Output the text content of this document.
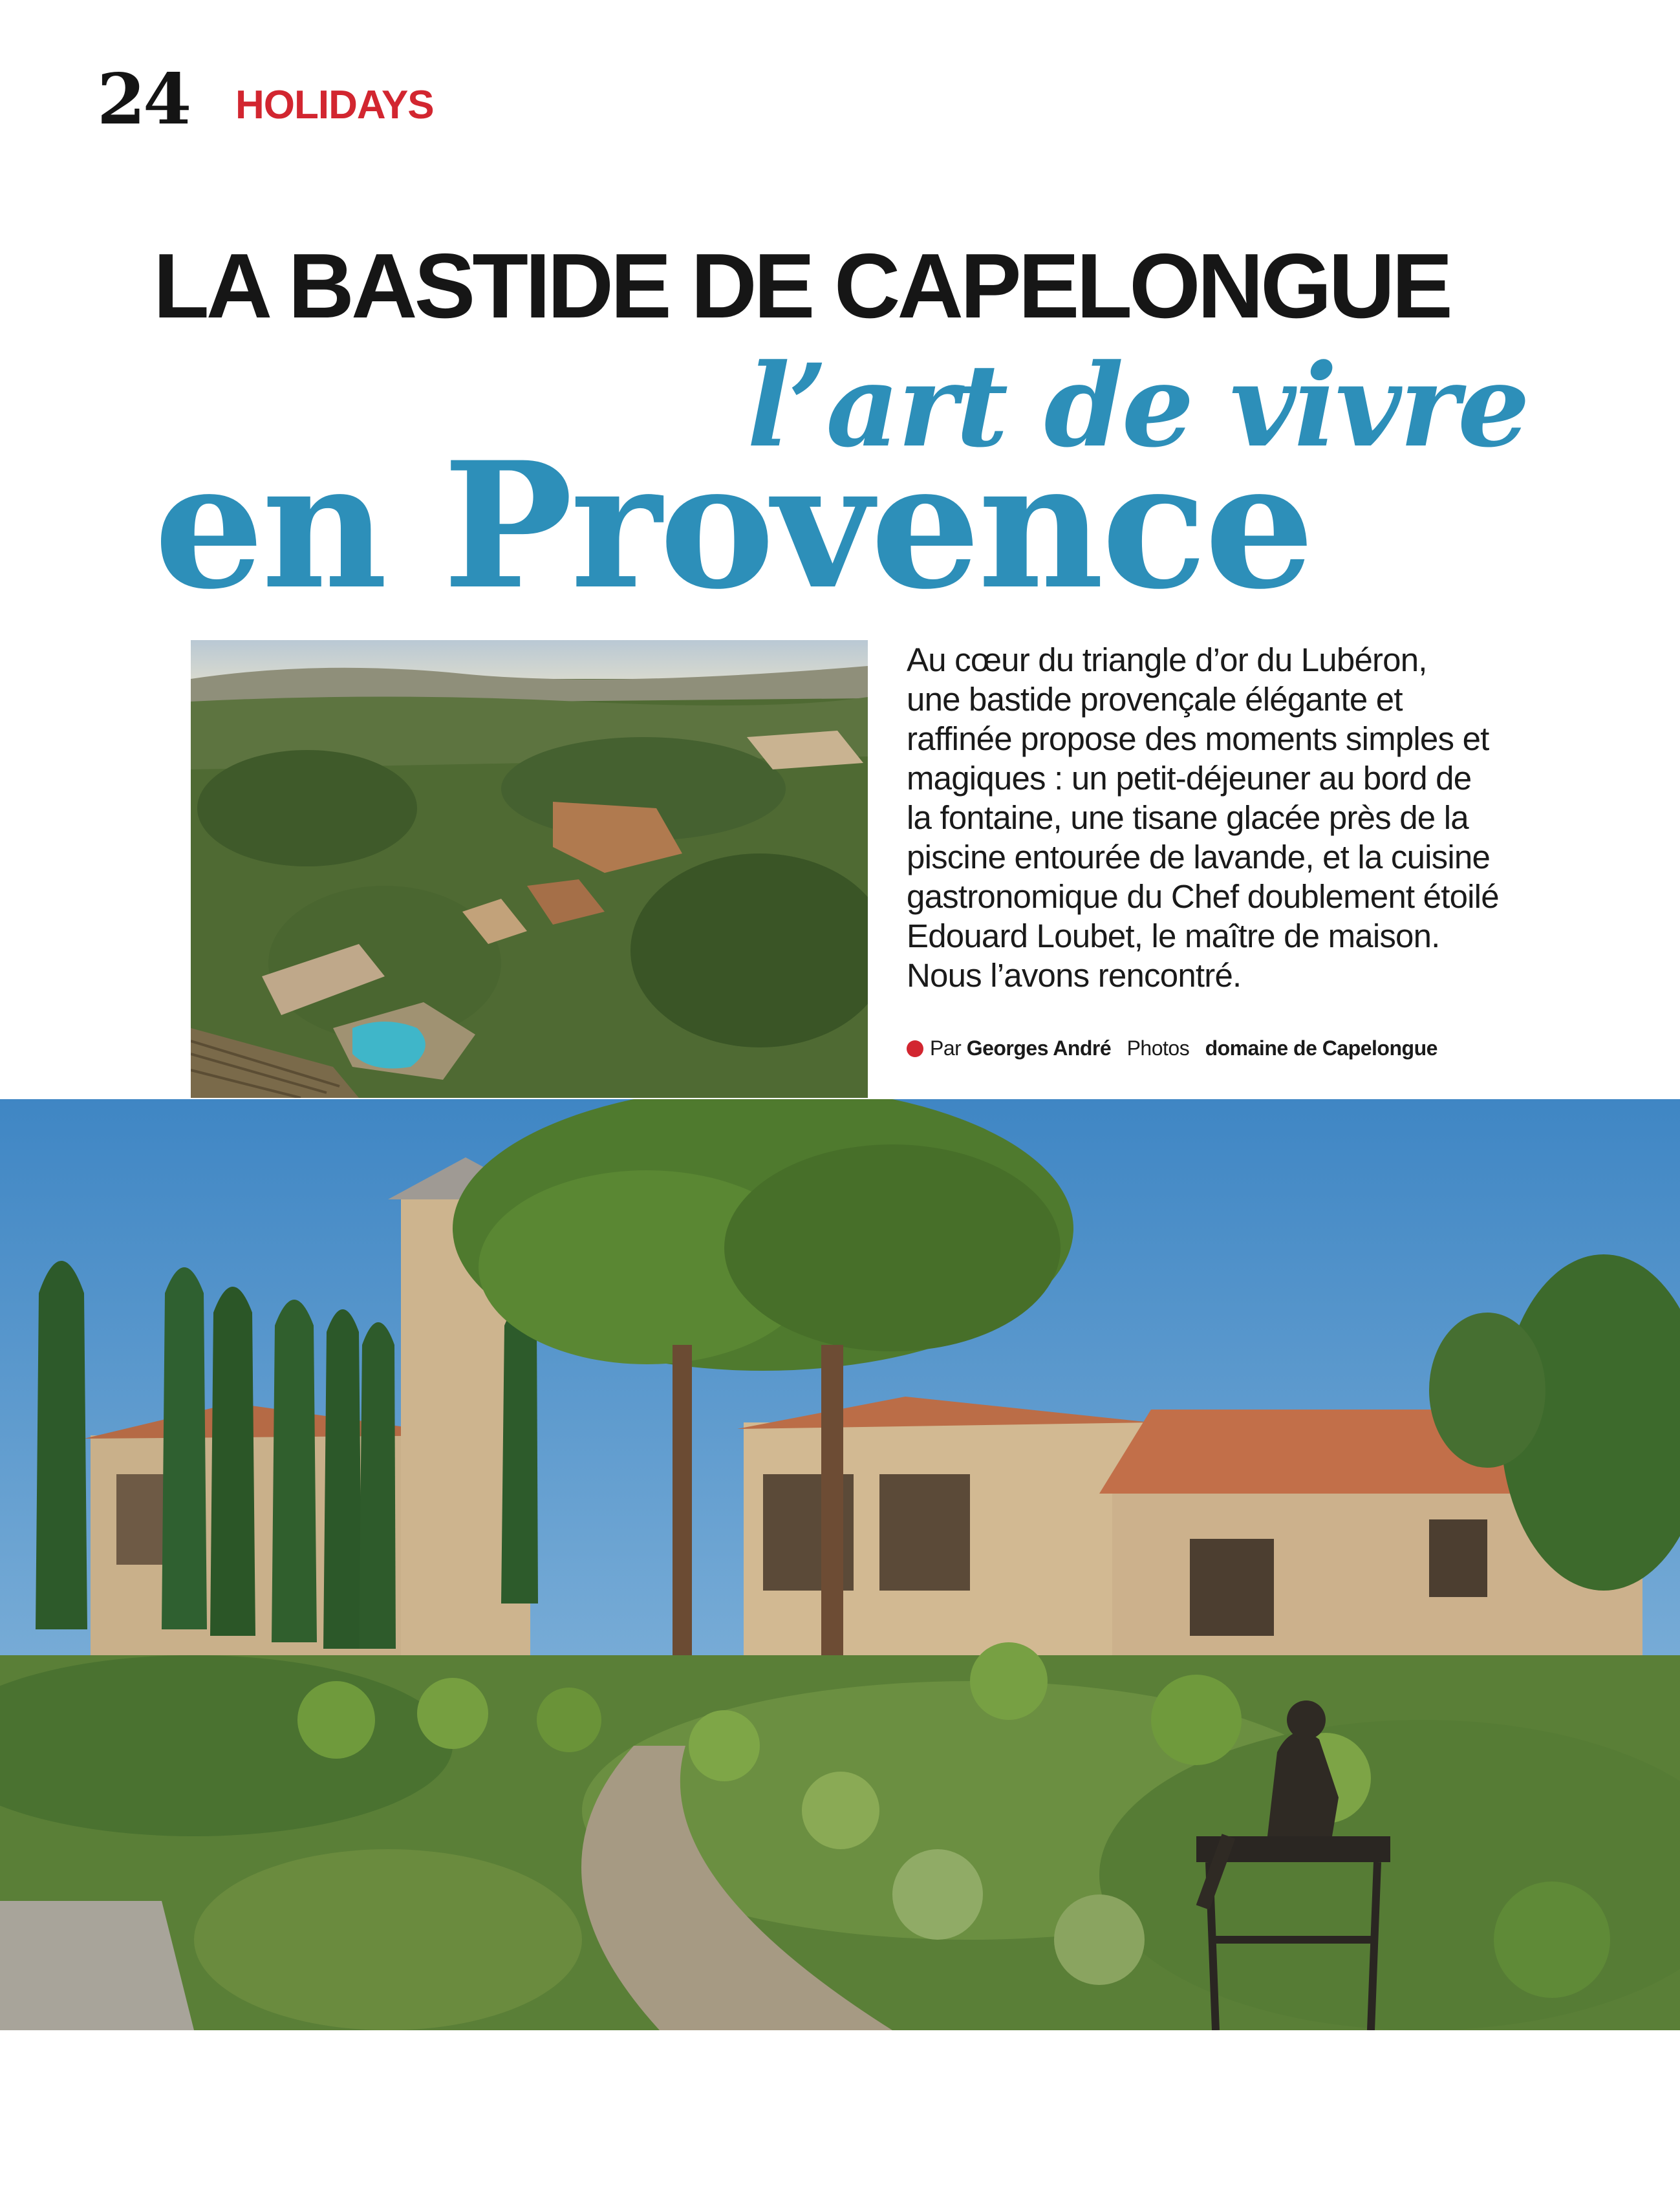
24 HOLIDAYS
LA BASTIDE DE CAPELONGUE
l’art de vivre
en Provence

Au cœur du triangle d’or du Lubéron,

une bastide provençale élégante et

raffinée propose des moments simples et

magiques : un petit-déjeuner au bord de

la fontaine, une tisane glacée près de la

piscine entourée de lavande, et la cuisine

gastronomique du Chef doublement étoilé

Edouard Loubet, le maître de maison.

Nous l’avons rencontré.

Par Georges André Photos domaine de Capelongue
